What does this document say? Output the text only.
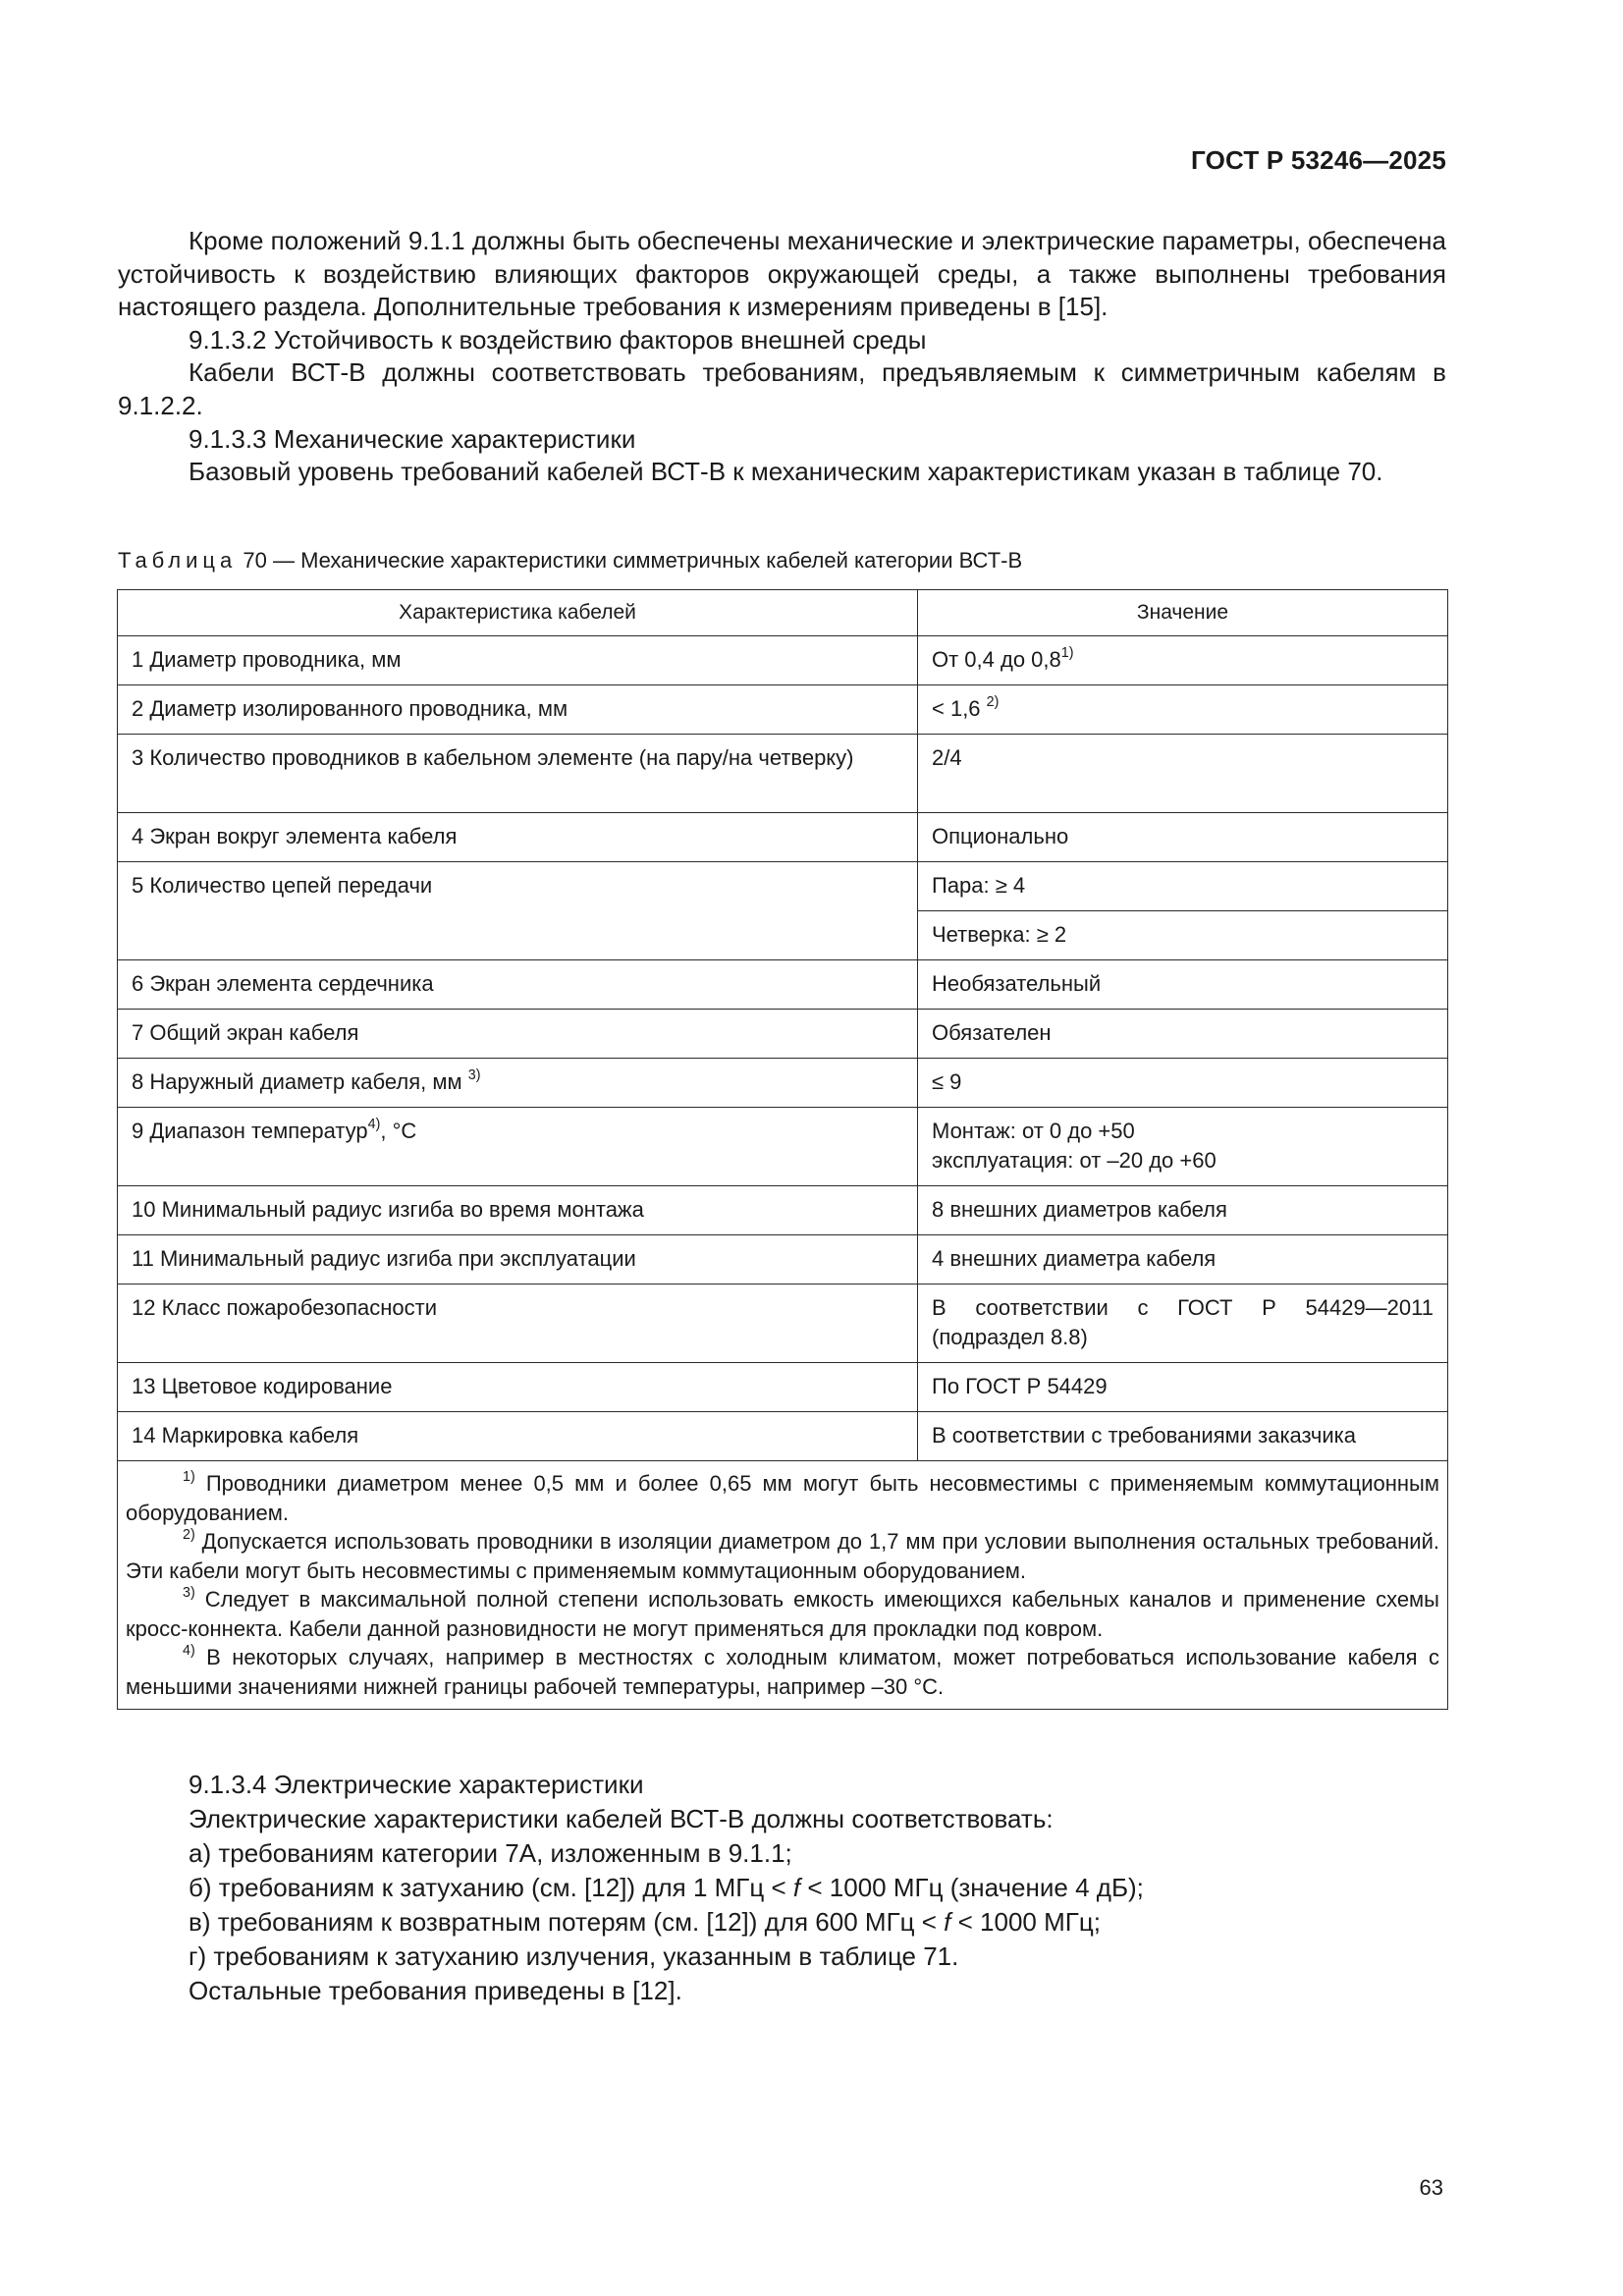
ГОСТ Р 53246—2025

Кроме положений 9.1.1 должны быть обеспечены механические и электрические параметры, обеспечена устойчивость к воздействию влияющих факторов окружающей среды, а также выполнены требования настоящего раздела. Дополнительные требования к измерениям приведены в [15].

9.1.3.2 Устойчивость к воздействию факторов внешней среды

Кабели ВСТ-В должны соответствовать требованиям, предъявляемым к симметричным кабелям в 9.1.2.2.

9.1.3.3 Механические характеристики

Базовый уровень требований кабелей ВСТ-В к механическим характеристикам указан в таблице 70.

Таблица 70 — Механические характеристики симметричных кабелей категории ВСТ-В
Характеристика кабелей	Значение
1 Диаметр проводника, мм	От 0,4 до 0,8$^{1)}$
2 Диаметр изолированного проводника, мм	< 1,6 $^{2)}$
3 Количество проводников в кабельном элементе (на пару/на четверку)	2/4
4 Экран вокруг элемента кабеля	Опционально
5 Количество цепей передачи	Пара: ≥ 4
	Четверка: ≥ 2
6 Экран элемента сердечника	Необязательный
7 Общий экран кабеля	Обязателен
8 Наружный диаметр кабеля, мм $^{3)}$	≤ 9
9 Диапазон температур$^{4)}$, °С	Монтаж: от 0 до +50
эксплуатация: от –20 до +60

10 Минимальный радиус изгиба во время монтажа	8 внешних диаметров кабеля
11 Минимальный радиус изгиба при эксплуатации	4 внешних диаметра кабеля
12 Класс пожаробезопасности	В соответствии с ГОСТ Р 54429—2011 (подраздел 8.8)
13 Цветовое кодирование	По ГОСТ Р 54429
14 Маркировка кабеля	В соответствии с требованиями заказчика

$^{1)}$ Проводники диаметром менее 0,5 мм и более 0,65 мм могут быть несовместимы с применяемым коммутационным оборудованием.

$^{2)}$ Допускается использовать проводники в изоляции диаметром до 1,7 мм при условии выполнения остальных требований. Эти кабели могут быть несовместимы с применяемым коммутационным оборудованием.

$^{3)}$ Следует в максимальной полной степени использовать емкость имеющихся кабельных каналов и применение схемы кросс-коннекта. Кабели данной разновидности не могут применяться для прокладки под ковром.

$^{4)}$ В некоторых случаях, например в местностях с холодным климатом, может потребоваться использование кабеля с меньшими значениями нижней границы рабочей температуры, например –30 °С.	

9.1.3.4 Электрические характеристики

Электрические характеристики кабелей ВСТ-В должны соответствовать:

а) требованиям категории 7А, изложенным в 9.1.1;

б) требованиям к затуханию (см. [12]) для 1 МГц < f < 1000 МГц (значение 4 дБ);

в) требованиям к возвратным потерям (см. [12]) для 600 МГц < f < 1000 МГц;

г) требованиям к затуханию излучения, указанным в таблице 71.

Остальные требования приведены в [12].

63
